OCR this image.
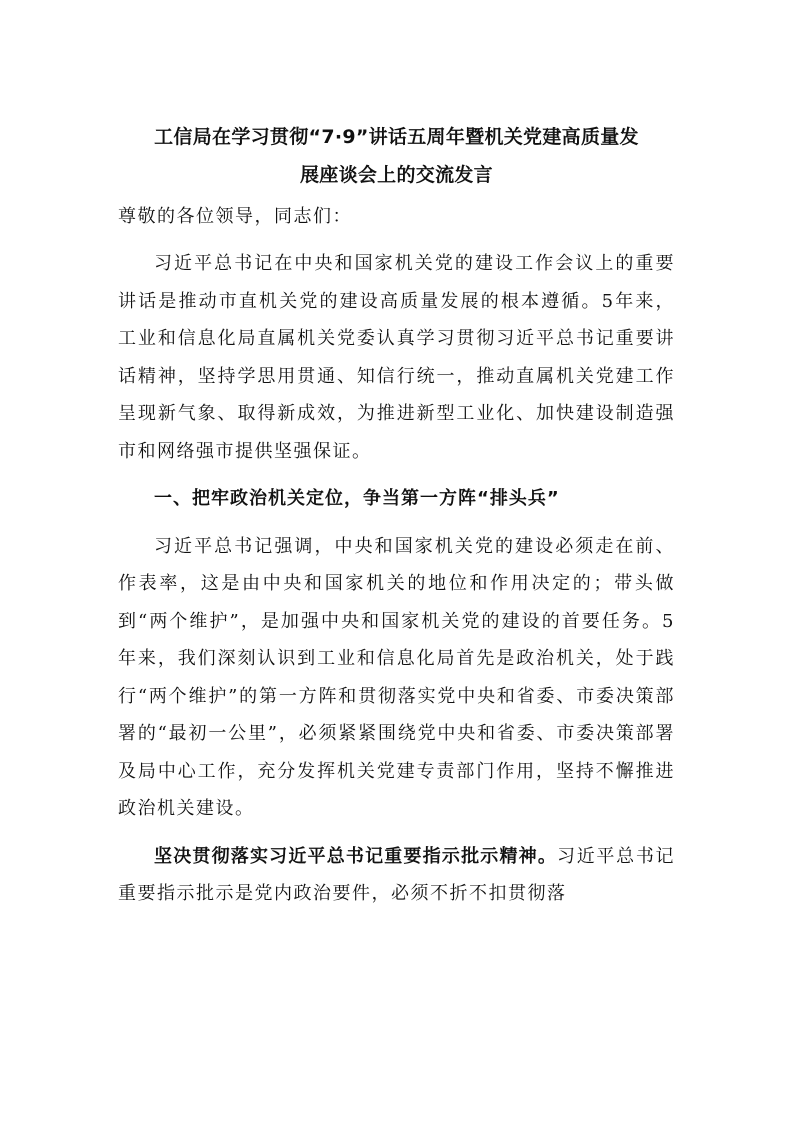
工信局在学习贯彻“7·9”讲话五周年暨机关党建高质量发
展座谈会上的交流发言

尊敬的各位领导，同志们：

习近平总书记在中央和国家机关党的建设工作会议上的重要讲话是推动市直机关党的建设高质量发展的根本遵循。5年来，工业和信息化局直属机关党委认真学习贯彻习近平总书记重要讲话精神，坚持学思用贯通、知信行统一，推动直属机关党建工作呈现新气象、取得新成效，为推进新型工业化、加快建设制造强市和网络强市提供坚强保证。

一、把牢政治机关定位，争当第一方阵“排头兵”

习近平总书记强调，中央和国家机关党的建设必须走在前、作表率，这是由中央和国家机关的地位和作用决定的；带头做到“两个维护”，是加强中央和国家机关党的建设的首要任务。5年来，我们深刻认识到工业和信息化局首先是政治机关，处于践行“两个维护”的第一方阵和贯彻落实党中央和省委、市委决策部署的“最初一公里”，必须紧紧围绕党中央和省委、市委决策部署及局中心工作，充分发挥机关党建专责部门作用，坚持不懈推进政治机关建设。

坚决贯彻落实习近平总书记重要指示批示精神。习近平总书记重要指示批示是党内政治要件，必须不折不扣贯彻落
